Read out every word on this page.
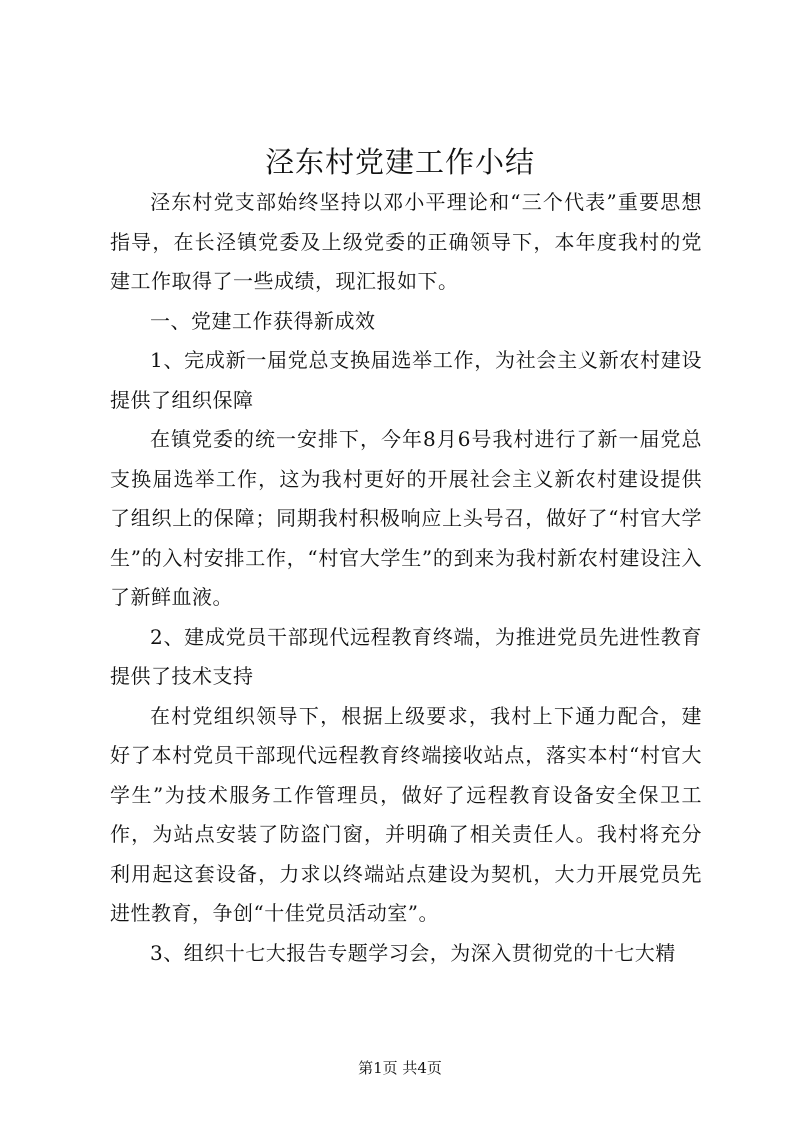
泾东村党建工作小结

泾东村党支部始终坚持以邓小平理论和“三个代表”重要思想指导，在长泾镇党委及上级党委的正确领导下，本年度我村的党建工作取得了一些成绩，现汇报如下。

一、党建工作获得新成效

1、完成新一届党总支换届选举工作，为社会主义新农村建设提供了组织保障

在镇党委的统一安排下，今年8月6号我村进行了新一届党总支换届选举工作，这为我村更好的开展社会主义新农村建设提供了组织上的保障；同期我村积极响应上头号召，做好了“村官大学生”的入村安排工作，“村官大学生”的到来为我村新农村建设注入了新鲜血液。

2、建成党员干部现代远程教育终端，为推进党员先进性教育提供了技术支持

在村党组织领导下，根据上级要求，我村上下通力配合，建好了本村党员干部现代远程教育终端接收站点，落实本村“村官大学生”为技术服务工作管理员，做好了远程教育设备安全保卫工作，为站点安装了防盗门窗，并明确了相关责任人。我村将充分利用起这套设备，力求以终端站点建设为契机，大力开展党员先进性教育，争创“十佳党员活动室”。

3、组织十七大报告专题学习会，为深入贯彻党的十七大精

第1页 共4页
